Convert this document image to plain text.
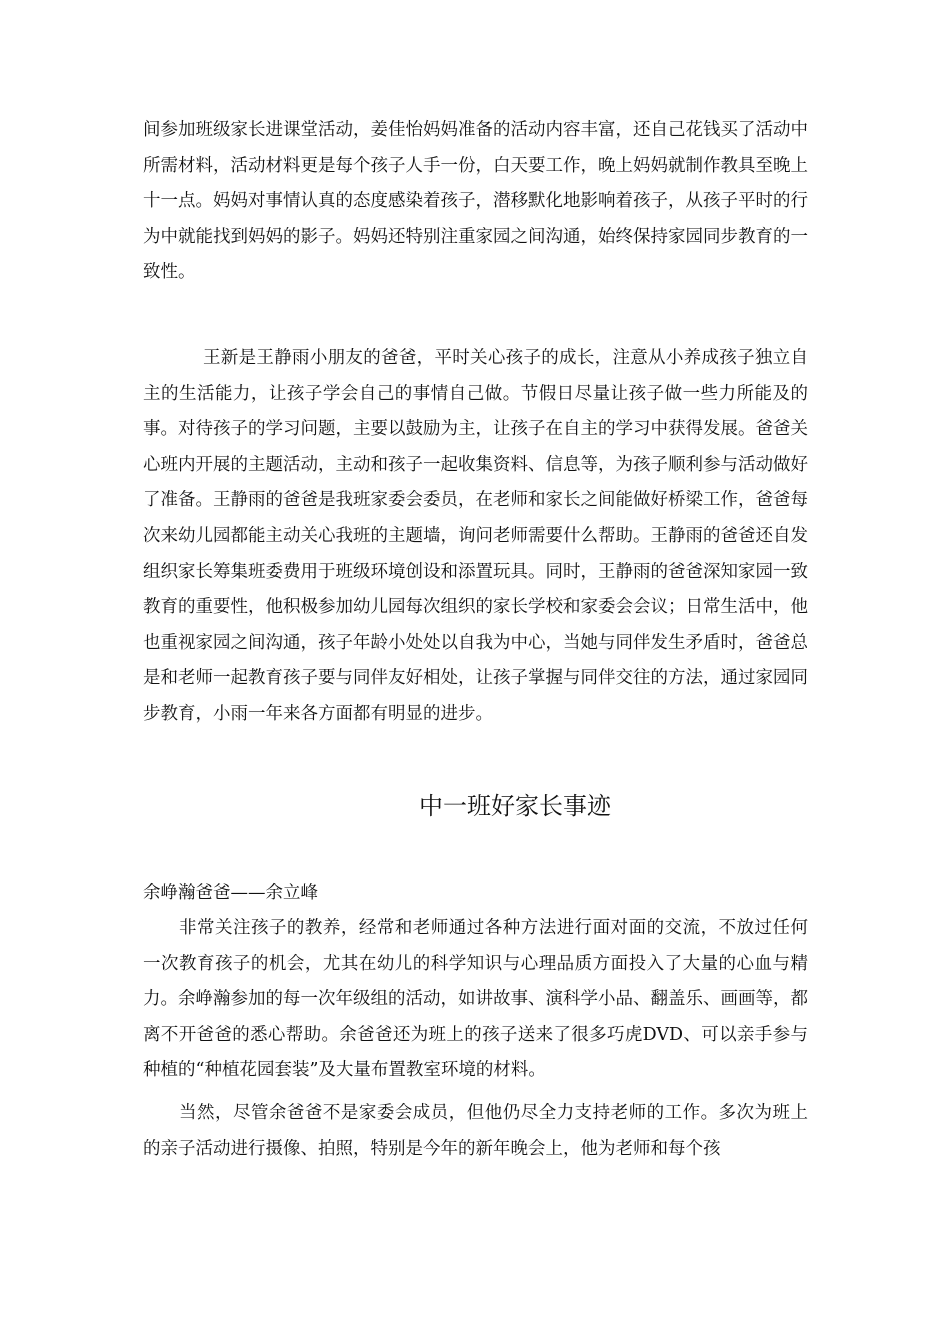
间参加班级家长进课堂活动，姜佳怡妈妈准备的活动内容丰富，还自己花钱买了活动中所需材料，活动材料更是每个孩子人手一份，白天要工作，晚上妈妈就制作教具至晚上十一点。妈妈对事情认真的态度感染着孩子，潜移默化地影响着孩子，从孩子平时的行为中就能找到妈妈的影子。妈妈还特别注重家园之间沟通，始终保持家园同步教育的一致性。

王新是王静雨小朋友的爸爸，平时关心孩子的成长，注意从小养成孩子独立自主的生活能力，让孩子学会自己的事情自己做。节假日尽量让孩子做一些力所能及的事。对待孩子的学习问题，主要以鼓励为主，让孩子在自主的学习中获得发展。爸爸关心班内开展的主题活动，主动和孩子一起收集资料、信息等，为孩子顺利参与活动做好了准备。王静雨的爸爸是我班家委会委员，在老师和家长之间能做好桥梁工作，爸爸每次来幼儿园都能主动关心我班的主题墙，询问老师需要什么帮助。王静雨的爸爸还自发组织家长筹集班委费用于班级环境创设和添置玩具。同时，王静雨的爸爸深知家园一致教育的重要性，他积极参加幼儿园每次组织的家长学校和家委会会议；日常生活中，他也重视家园之间沟通，孩子年龄小处处以自我为中心，当她与同伴发生矛盾时，爸爸总是和老师一起教育孩子要与同伴友好相处，让孩子掌握与同伴交往的方法，通过家园同步教育，小雨一年来各方面都有明显的进步。

中一班好家长事迹

余峥瀚爸爸——余立峰

非常关注孩子的教养，经常和老师通过各种方法进行面对面的交流，不放过任何一次教育孩子的机会，尤其在幼儿的科学知识与心理品质方面投入了大量的心血与精力。余峥瀚参加的每一次年级组的活动，如讲故事、演科学小品、翻盖乐、画画等，都离不开爸爸的悉心帮助。余爸爸还为班上的孩子送来了很多巧虎DVD、可以亲手参与种植的“种植花园套装”及大量布置教室环境的材料。

当然，尽管余爸爸不是家委会成员，但他仍尽全力支持老师的工作。多次为班上的亲子活动进行摄像、拍照，特别是今年的新年晚会上，他为老师和每个孩
